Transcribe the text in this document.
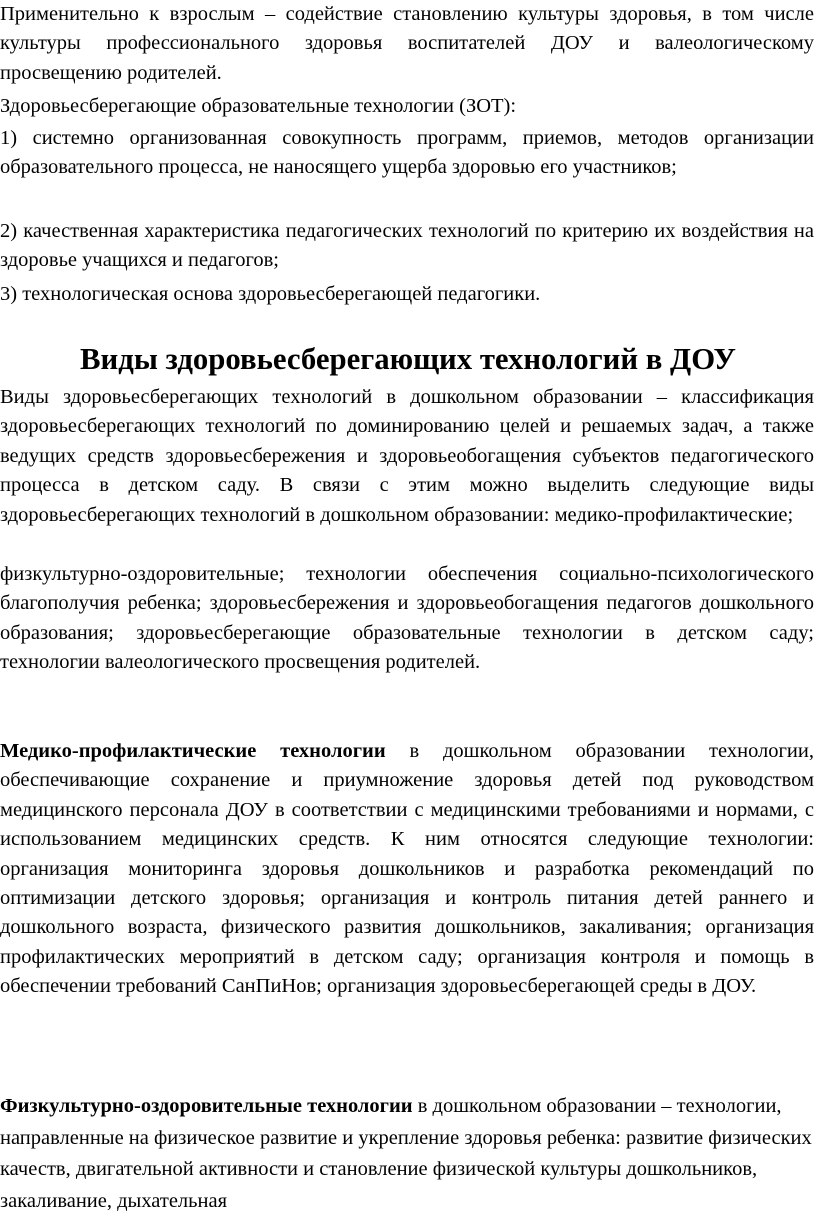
Применительно к взрослым – содействие становлению культуры здоровья, в том числе культуры профессионального здоровья воспитателей ДОУ и валеологическому просвещению родителей.

Здоровьесберегающие образовательные технологии (ЗОТ):

1) системно организованная совокупность программ, приемов, методов организации образовательного процесса, не наносящего ущерба здоровью его участников;

2) качественная характеристика педагогических технологий по критерию их воздействия на здоровье учащихся и педагогов;

3) технологическая основа здоровьесберегающей педагогики.

Виды здоровьесберегающих технологий в ДОУ

Виды здоровьесберегающих технологий в дошкольном образовании – классификация здоровьесберегающих технологий по доминированию целей и решаемых задач, а также ведущих средств здоровьесбережения и здоровьеобогащения субъектов педагогического процесса в детском саду. В связи с этим можно выделить следующие виды здоровьесберегающих технологий в дошкольном образовании: медико-профилактические;

физкультурно-оздоровительные; технологии обеспечения социально-психологического благополучия ребенка; здоровьесбережения и здоровьеобогащения педагогов дошкольного образования; здоровьесберегающие образовательные технологии в детском саду; технологии валеологического просвещения родителей.

Медико-профилактические технологии в дошкольном образовании технологии, обеспечивающие сохранение и приумножение здоровья детей под руководством медицинского персонала ДОУ в соответствии с медицинскими требованиями и нормами, с использованием медицинских средств. К ним относятся следующие технологии: организация мониторинга здоровья дошкольников и разработка рекомендаций по оптимизации детского здоровья; организация и контроль питания детей раннего и дошкольного возраста, физического развития дошкольников, закаливания; организация профилактических мероприятий в детском саду; организация контроля и помощь в обеспечении требований СанПиНов; организация здоровьесберегающей среды в ДОУ.

Физкультурно-оздоровительные технологии в дошкольном образовании – технологии, направленные на физическое развитие и укрепление здоровья ребенка: развитие физических качеств, двигательной активности и становление физической культуры дошкольников, закаливание, дыхательная
